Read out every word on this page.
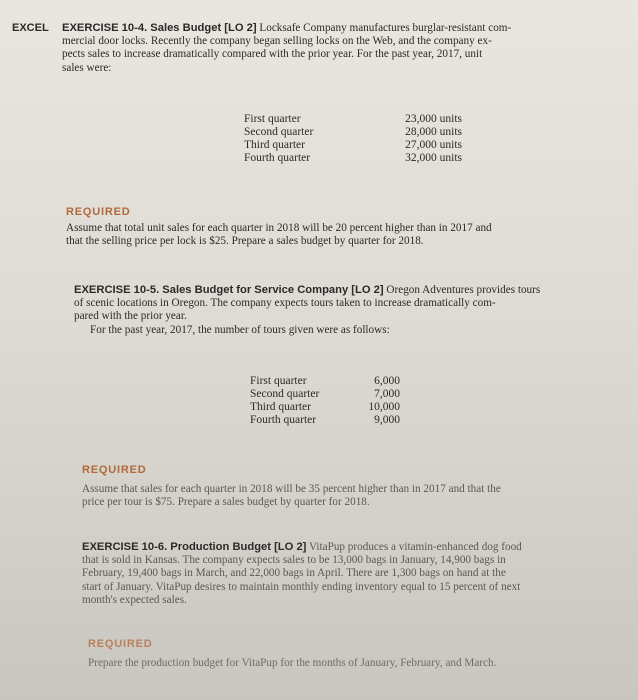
EXCEL EXERCISE 10-4. Sales Budget [LO 2] Locksafe Company manufactures burglar-resistant com-
mercial door locks. Recently the company began selling locks on the Web, and the company ex-
pects sales to increase dramatically compared with the prior year. For the past year, 2017, unit
sales were:
First quarter	23,000 units
Second quarter	28,000 units
Third quarter	27,000 units
Fourth quarter	32,000 units
REQUIRED
Assume that total unit sales for each quarter in 2018 will be 20 percent higher than in 2017 and
that the selling price per lock is $25. Prepare a sales budget by quarter for 2018.
EXERCISE 10-5. Sales Budget for Service Company [LO 2] Oregon Adventures provides tours
of scenic locations in Oregon. The company expects tours taken to increase dramatically com-
pared with the prior year.
For the past year, 2017, the number of tours given were as follows:
First quarter	6,000
Second quarter	7,000
Third quarter	10,000
Fourth quarter	9,000
REQUIRED
Assume that sales for each quarter in 2018 will be 35 percent higher than in 2017 and that the
price per tour is $75. Prepare a sales budget by quarter for 2018.
EXERCISE 10-6. Production Budget [LO 2] VitaPup produces a vitamin-enhanced dog food
that is sold in Kansas. The company expects sales to be 13,000 bags in January, 14,900 bags in
February, 19,400 bags in March, and 22,000 bags in April. There are 1,300 bags on hand at the
start of January. VitaPup desires to maintain monthly ending inventory equal to 15 percent of next
month's expected sales.
REQUIRED
Prepare the production budget for VitaPup for the months of January, February, and March.
